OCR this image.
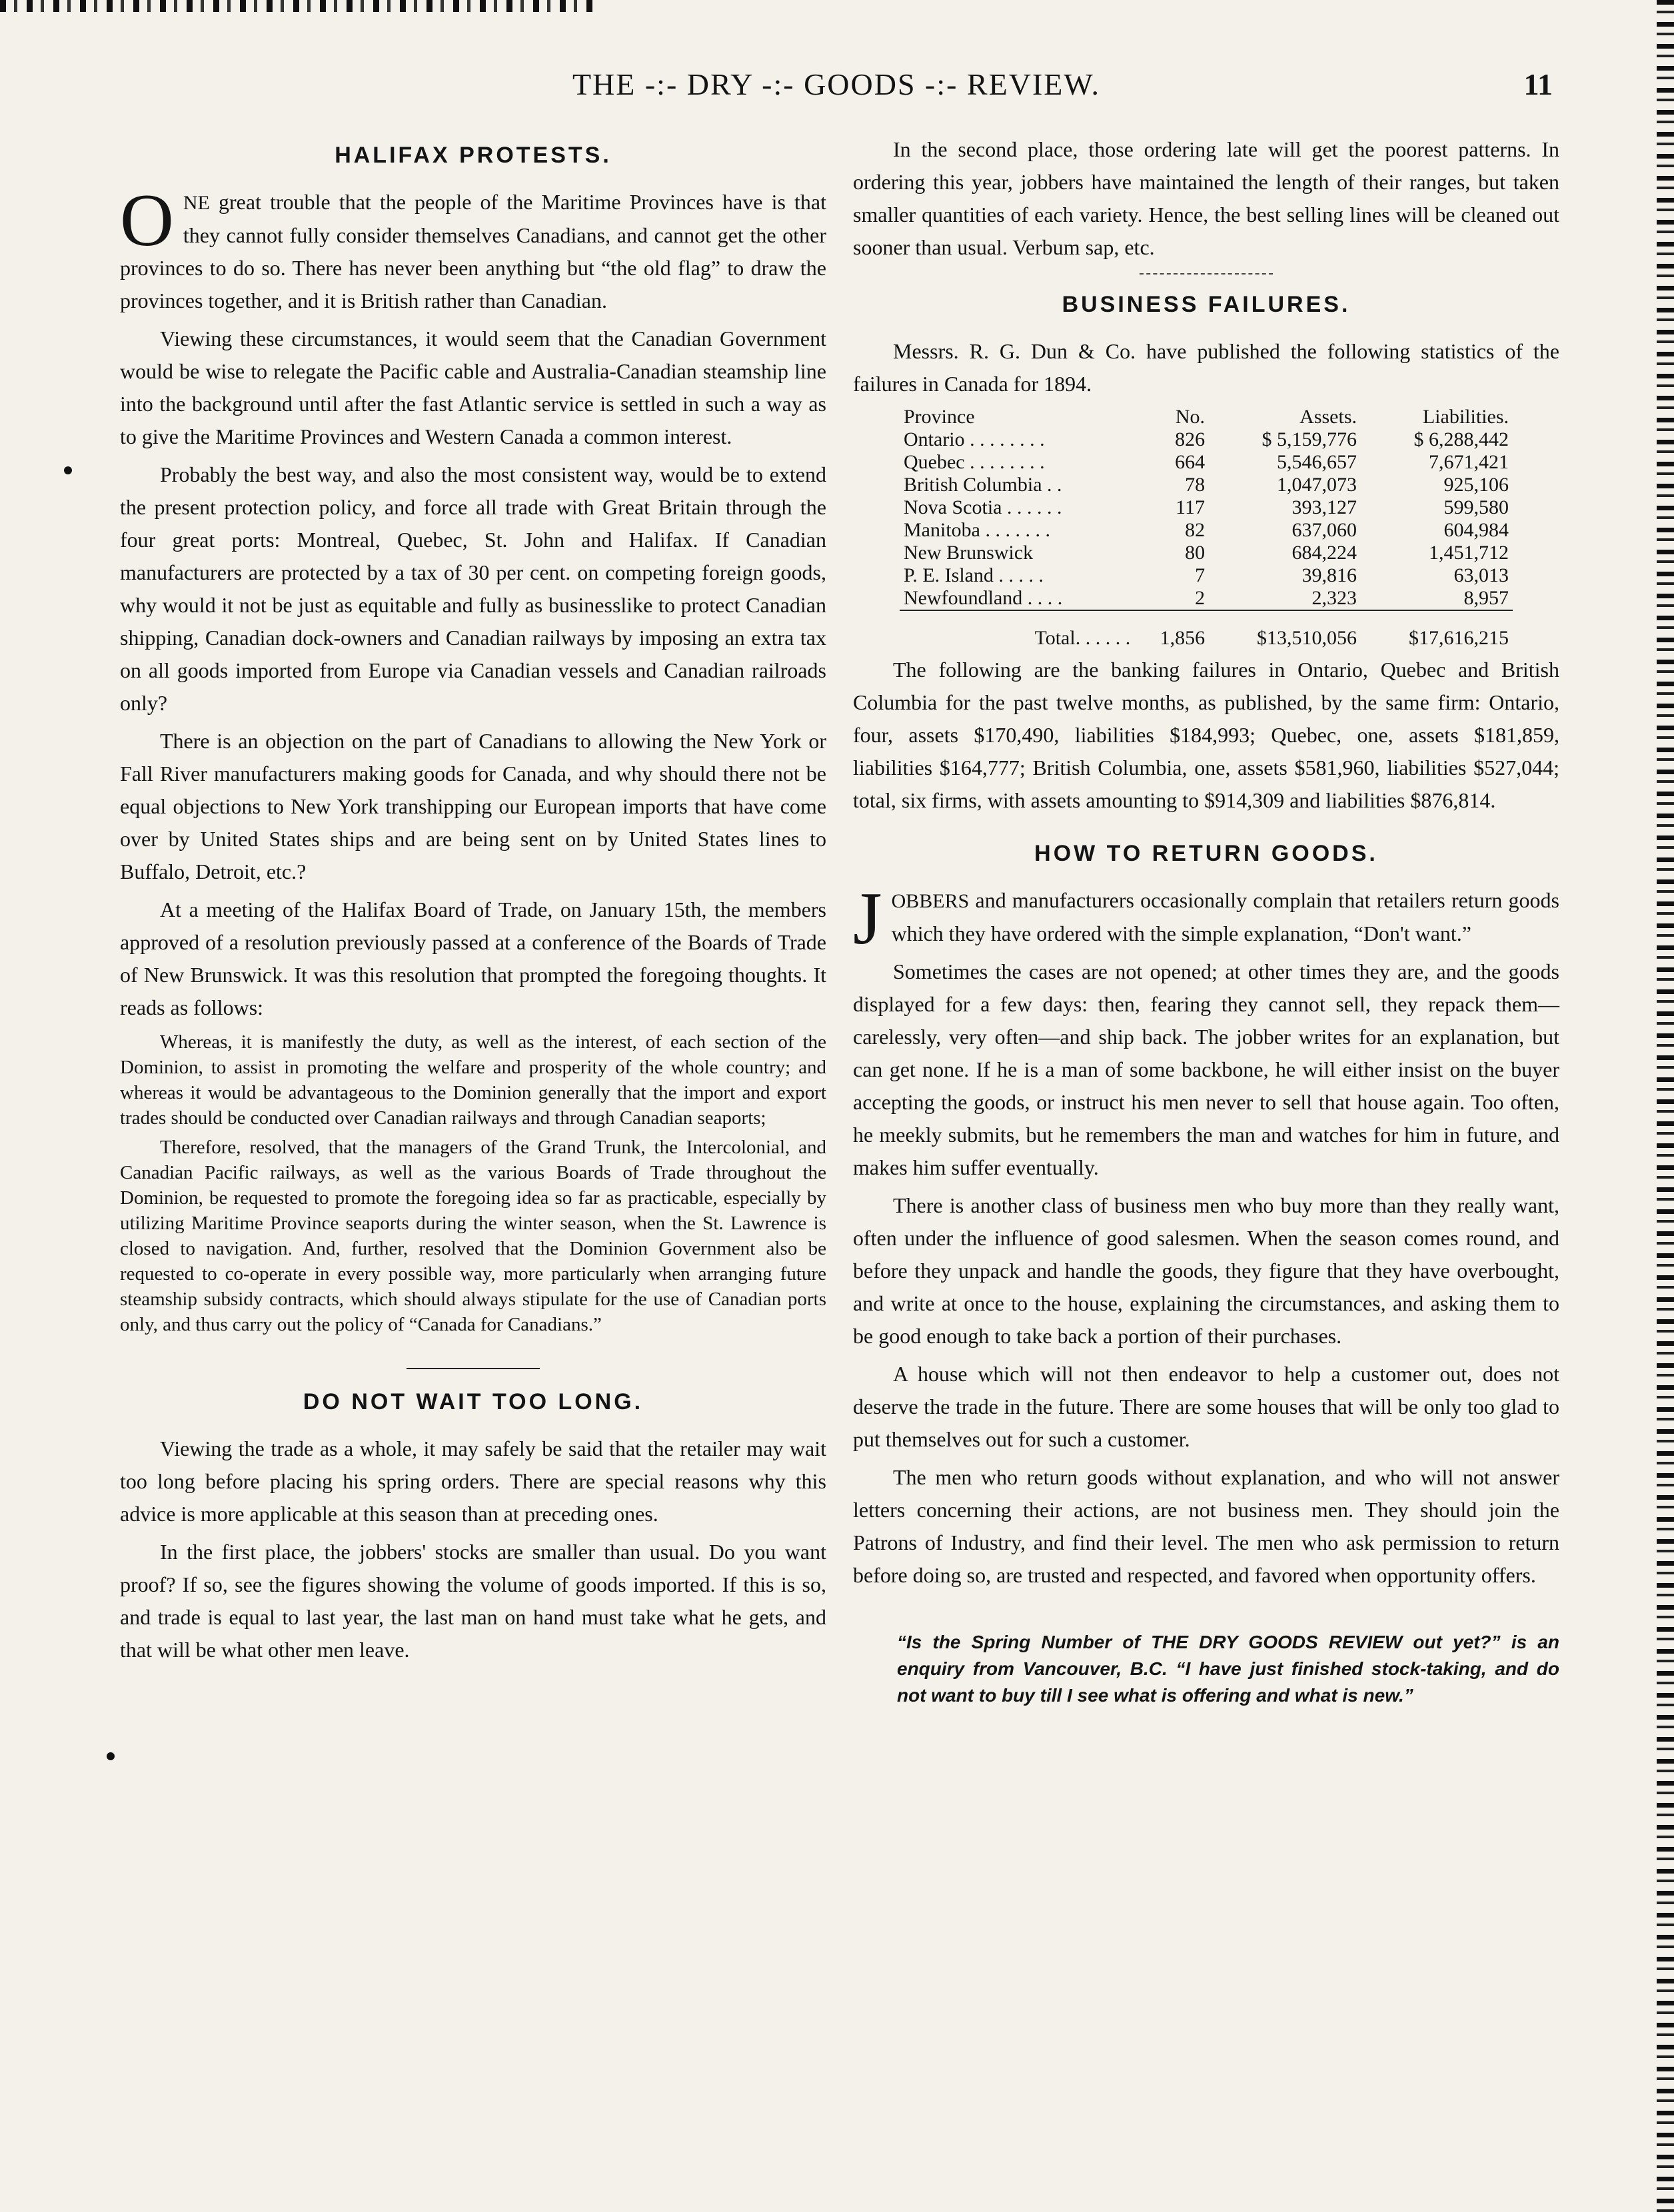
THE -:- DRY -:- GOODS -:- REVIEW.	11
HALIFAX PROTESTS.

ONE great trouble that the people of the Maritime Provinces have is that they cannot fully consider themselves Canadians, and cannot get the other provinces to do so. There has never been anything but “the old flag” to draw the provinces together, and it is British rather than Canadian.

Viewing these circumstances, it would seem that the Canadian Government would be wise to relegate the Pacific cable and Australia-Canadian steamship line into the background until after the fast Atlantic service is settled in such a way as to give the Maritime Provinces and Western Canada a common interest.

Probably the best way, and also the most consistent way, would be to extend the present protection policy, and force all trade with Great Britain through the four great ports: Montreal, Quebec, St. John and Halifax. If Canadian manufacturers are protected by a tax of 30 per cent. on competing foreign goods, why would it not be just as equitable and fully as businesslike to protect Canadian shipping, Canadian dock-owners and Canadian railways by imposing an extra tax on all goods imported from Europe via Canadian vessels and Canadian railroads only?

There is an objection on the part of Canadians to allowing the New York or Fall River manufacturers making goods for Canada, and why should there not be equal objections to New York transhipping our European imports that have come over by United States ships and are being sent on by United States lines to Buffalo, Detroit, etc.?

At a meeting of the Halifax Board of Trade, on January 15th, the members approved of a resolution previously passed at a conference of the Boards of Trade of New Brunswick. It was this resolution that prompted the foregoing thoughts. It reads as follows:

Whereas, it is manifestly the duty, as well as the interest, of each section of the Dominion, to assist in promoting the welfare and prosperity of the whole country; and whereas it would be advantageous to the Dominion generally that the import and export trades should be conducted over Canadian railways and through Canadian seaports;

Therefore, resolved, that the managers of the Grand Trunk, the Intercolonial, and Canadian Pacific railways, as well as the various Boards of Trade throughout the Dominion, be requested to promote the foregoing idea so far as practicable, especially by utilizing Maritime Province seaports during the winter season, when the St. Lawrence is closed to navigation. And, further, resolved that the Dominion Government also be requested to co-operate in every possible way, more particularly when arranging future steamship subsidy contracts, which should always stipulate for the use of Canadian ports only, and thus carry out the policy of “Canada for Canadians.”

DO NOT WAIT TOO LONG.

Viewing the trade as a whole, it may safely be said that the retailer may wait too long before placing his spring orders. There are special reasons why this advice is more applicable at this season than at preceding ones.

In the first place, the jobbers' stocks are smaller than usual. Do you want proof? If so, see the figures showing the volume of goods imported. If this is so, and trade is equal to last year, the last man on hand must take what he gets, and that will be what other men leave.

In the second place, those ordering late will get the poorest patterns. In ordering this year, jobbers have maintained the length of their ranges, but taken smaller quantities of each variety. Hence, the best selling lines will be cleaned out sooner than usual. Verbum sap, etc.

BUSINESS FAILURES.

Messrs. R. G. Dun & Co. have published the following statistics of the failures in Canada for 1894.

Province	No.	Assets.	Liabilities.
Ontario . . . . . . . .	826	$ 5,159,776	$ 6,288,442
Quebec . . . . . . . .	664	5,546,657	7,671,421
British Columbia . .	78	1,047,073	925,106
Nova Scotia . . . . . .	117	393,127	599,580
Manitoba . . . . . . .	82	637,060	604,984
New Brunswick	80	684,224	1,451,712
P. E. Island . . . . .	7	39,816	63,013
Newfoundland . . . .	2	2,323	8,957
Total. . . . . .	1,856	$13,510,056	$17,616,215

The following are the banking failures in Ontario, Quebec and British Columbia for the past twelve months, as published, by the same firm: Ontario, four, assets $170,490, liabilities $184,993; Quebec, one, assets $181,859, liabilities $164,777; British Columbia, one, assets $581,960, liabilities $527,044; total, six firms, with assets amounting to $914,309 and liabilities $876,814.

HOW TO RETURN GOODS.

JOBBERS and manufacturers occasionally complain that retailers return goods which they have ordered with the simple explanation, “Don't want.”

Sometimes the cases are not opened; at other times they are, and the goods displayed for a few days: then, fearing they cannot sell, they repack them—carelessly, very often—and ship back. The jobber writes for an explanation, but can get none. If he is a man of some backbone, he will either insist on the buyer accepting the goods, or instruct his men never to sell that house again. Too often, he meekly submits, but he remembers the man and watches for him in future, and makes him suffer eventually.

There is another class of business men who buy more than they really want, often under the influence of good salesmen. When the season comes round, and before they unpack and handle the goods, they figure that they have overbought, and write at once to the house, explaining the circumstances, and asking them to be good enough to take back a portion of their purchases.

A house which will not then endeavor to help a customer out, does not deserve the trade in the future. There are some houses that will be only too glad to put themselves out for such a customer.

The men who return goods without explanation, and who will not answer letters concerning their actions, are not business men. They should join the Patrons of Industry, and find their level. The men who ask permission to return before doing so, are trusted and respected, and favored when opportunity offers.

“Is the Spring Number of THE DRY GOODS REVIEW out yet?” is an enquiry from Vancouver, B.C. “I have just finished stock-taking, and do not want to buy till I see what is offering and what is new.”
